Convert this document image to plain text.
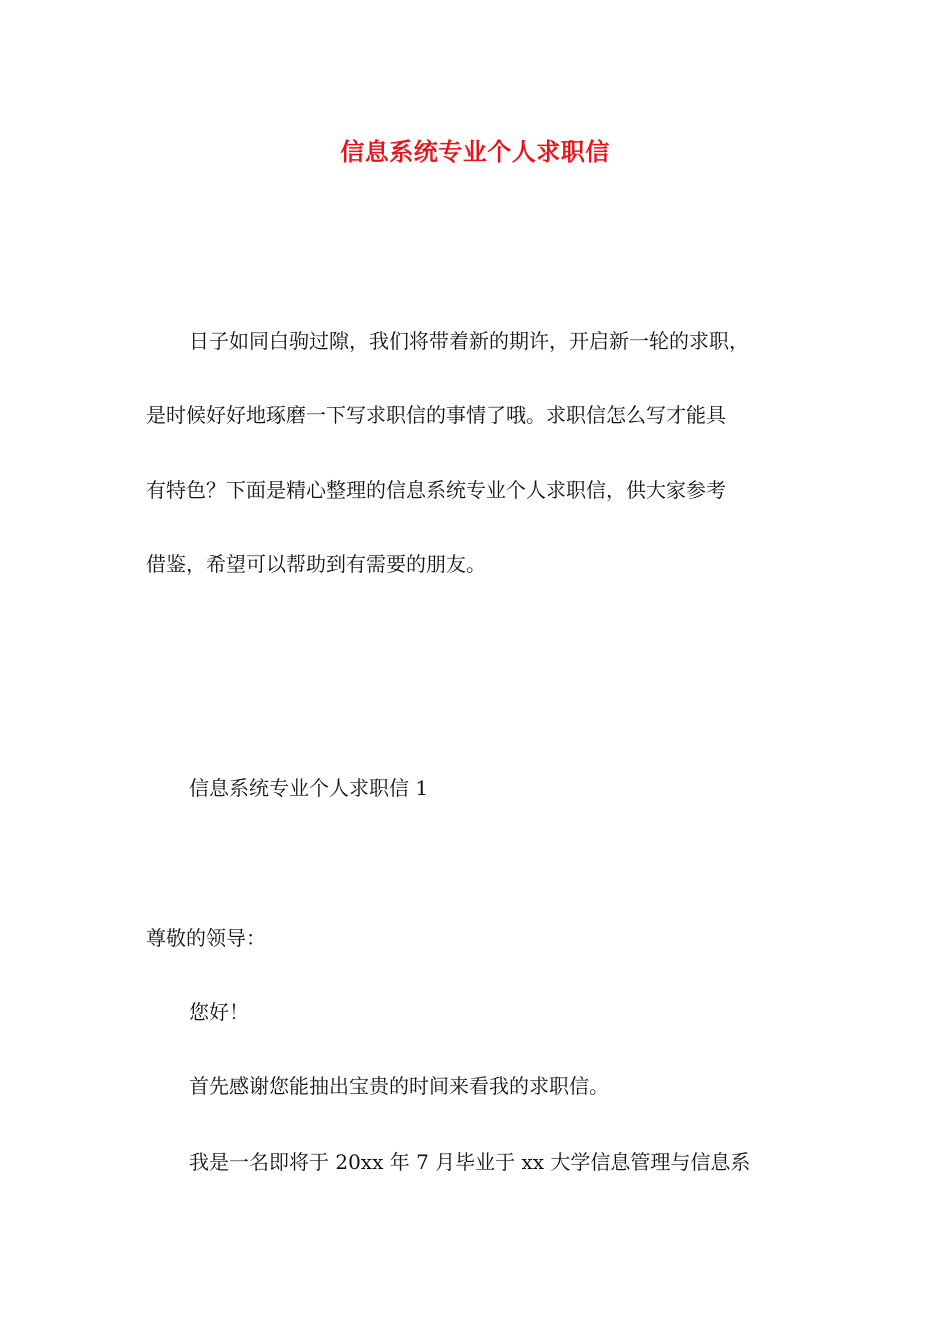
信息系统专业个人求职信
日子如同白驹过隙，我们将带着新的期许，开启新一轮的求职，
是时候好好地琢磨一下写求职信的事情了哦。求职信怎么写才能具
有特色？下面是精心整理的信息系统专业个人求职信，供大家参考
借鉴，希望可以帮助到有需要的朋友。
信息系统专业个人求职信 1
尊敬的领导：
您好！
首先感谢您能抽出宝贵的时间来看我的求职信。
我是一名即将于 20xx 年 7 月毕业于 xx 大学信息管理与信息系
